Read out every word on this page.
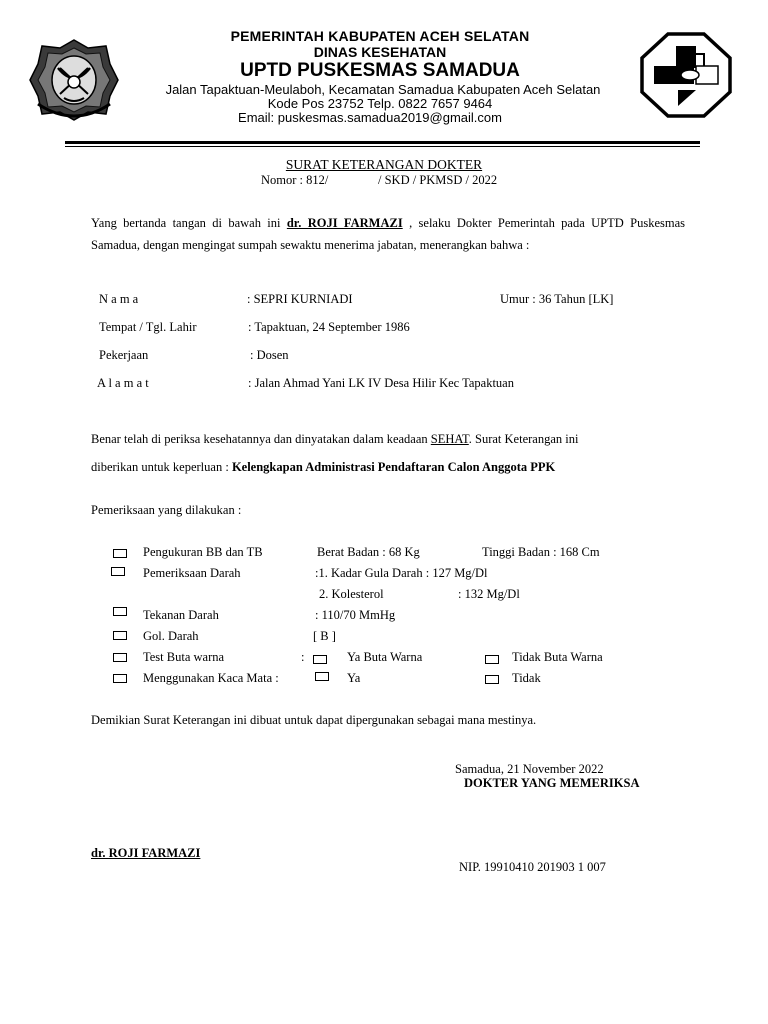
PEMERINTAH KABUPATEN ACEH SELATAN
DINAS KESEHATAN
UPTD PUSKESMAS SAMADUA
Jalan Tapaktuan-Meulaboh, Kecamatan Samadua Kabupaten Aceh Selatan
Kode Pos 23752 Telp. 0822 7657 9464
Email: puskesmas.samadua2019@gmail.com
SURAT KETERANGAN DOKTER
Nomor : 812/	/ SKD / PKMSD / 2022
Yang bertanda tangan di bawah ini dr. ROJI FARMAZI , selaku Dokter Pemerintah pada UPTD Puskesmas Samadua, dengan mengingat sumpah sewaktu menerima jabatan, menerangkan bahwa :
N a m a	: SEPRI KURNIADI	Umur : 36 Tahun [LK]
Tempat / Tgl. Lahir	: Tapaktuan, 24 September 1986
Pekerjaan	: Dosen
A l a m a t	: Jalan Ahmad Yani LK IV Desa Hilir Kec Tapaktuan
Benar telah di periksa kesehatannya dan dinyatakan dalam keadaan SEHAT. Surat Keterangan ini
diberikan untuk keperluan : Kelengkapan Administrasi Pendaftaran Calon Anggota PPK
Pemeriksaan yang dilakukan :
Pengukuran BB dan TB	Berat Badan : 68 Kg	Tinggi Badan : 168 Cm
Pemeriksaan Darah	:1. Kadar Gula Darah : 127 Mg/Dl
2. Kolesterol	: 132 Mg/Dl
Tekanan Darah	: 110/70 MmHg
Gol. Darah	[ B ]
Test Buta warna	:	Ya Buta Warna	Tidak Buta Warna
Menggunakan Kaca Mata :	Ya	Tidak
Demikian Surat Keterangan ini dibuat untuk dapat dipergunakan sebagai mana mestinya.
Samadua, 21 November 2022
DOKTER YANG MEMERIKSA
dr. ROJI FARMAZI
NIP. 19910410 201903 1 007
